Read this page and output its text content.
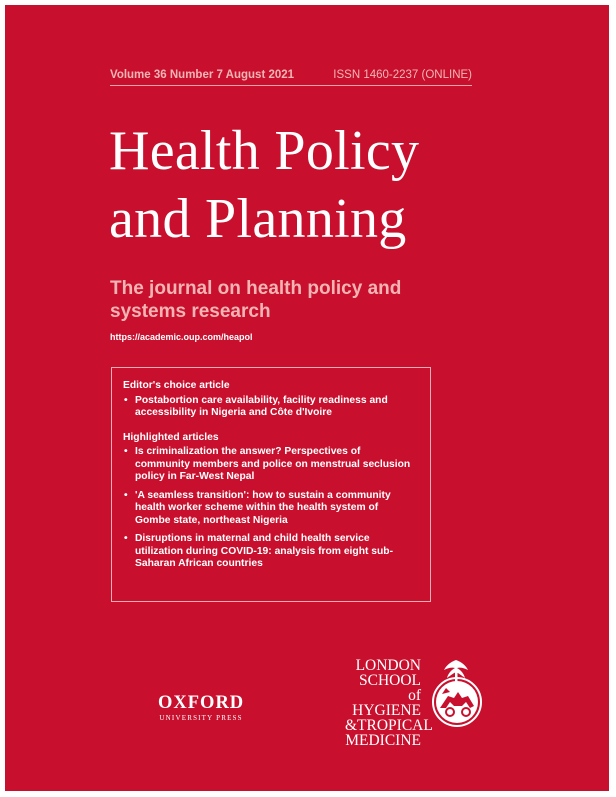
Volume 36 Number 7 August 2021	ISSN 1460-2237 (ONLINE)
Health Policy
and Planning
The journal on health policy and
systems research
https://academic.oup.com/heapol
Editor's choice article
• Postabortion care availability, facility readiness and accessibility in Nigeria and Côte d'Ivoire
Highlighted articles
• Is criminalization the answer? Perspectives of community members and police on menstrual seclusion policy in Far-West Nepal
• 'A seamless transition': how to sustain a community health worker scheme within the health system of Gombe state, northeast Nigeria
• Disruptions in maternal and child health service utilization during COVID-19: analysis from eight sub-Saharan African countries
OXFORD
UNIVERSITY PRESS
LONDON
SCHOOL of
HYGIENE
&TROPICAL
MEDICINE
